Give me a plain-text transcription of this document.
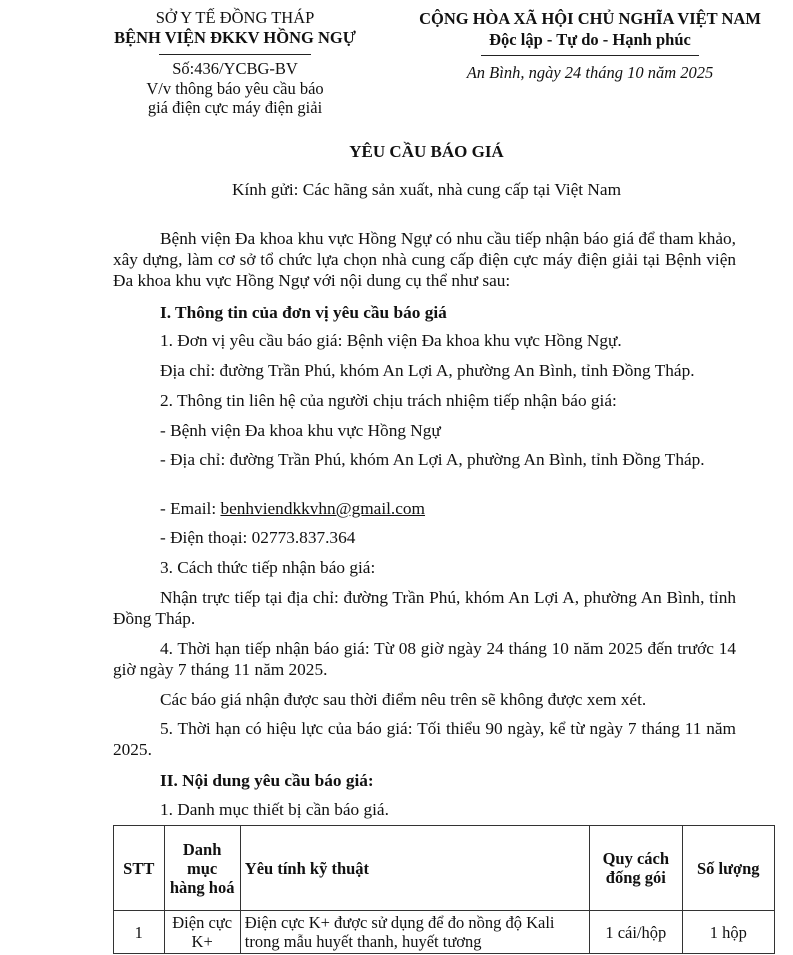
SỞ Y TẾ ĐỒNG THÁP
BỆNH VIỆN ĐKKV HỒNG NGỰ
Số:436/YCBG-BV
V/v thông báo yêu cầu báo
giá điện cực máy điện giải
CỘNG HÒA XÃ HỘI CHỦ NGHĨA VIỆT NAM
Độc lập - Tự do - Hạnh phúc
An Bình, ngày 24 tháng 10 năm 2025
YÊU CẦU BÁO GIÁ
Kính gửi: Các hãng sản xuất, nhà cung cấp tại Việt Nam
Bệnh viện Đa khoa khu vực Hồng Ngự có nhu cầu tiếp nhận báo giá để tham khảo, xây dựng, làm cơ sở tổ chức lựa chọn nhà cung cấp điện cực máy điện giải tại Bệnh viện Đa khoa khu vực Hồng Ngự với nội dung cụ thể như sau:
I. Thông tin của đơn vị yêu cầu báo giá
1. Đơn vị yêu cầu báo giá: Bệnh viện Đa khoa khu vực Hồng Ngự.
Địa chỉ: đường Trần Phú, khóm An Lợi A, phường An Bình, tỉnh Đồng Tháp.
2. Thông tin liên hệ của người chịu trách nhiệm tiếp nhận báo giá:
- Bệnh viện Đa khoa khu vực Hồng Ngự
- Địa chỉ: đường Trần Phú, khóm An Lợi A, phường An Bình, tỉnh Đồng Tháp.
- Email: benhviendkkvhn@gmail.com
- Điện thoại: 02773.837.364
3. Cách thức tiếp nhận báo giá:
Nhận trực tiếp tại địa chỉ: đường Trần Phú, khóm An Lợi A, phường An Bình, tỉnh Đồng Tháp.
4. Thời hạn tiếp nhận báo giá: Từ 08 giờ ngày 24 tháng 10 năm 2025 đến trước 14 giờ ngày 7 tháng 11 năm 2025.
Các báo giá nhận được sau thời điểm nêu trên sẽ không được xem xét.
5. Thời hạn có hiệu lực của báo giá: Tối thiểu 90 ngày, kể từ ngày 7 tháng 11 năm 2025.
II. Nội dung yêu cầu báo giá:
1. Danh mục thiết bị cần báo giá.
STT	Danh mục hàng hoá	Yêu tính kỹ thuật	Quy cách đống gói	Số lượng
1	Điện cực K+	Điện cực K+ được sử dụng để đo nồng độ Kali trong mẫu huyết thanh, huyết tương	1 cái/hộp	1 hộp
